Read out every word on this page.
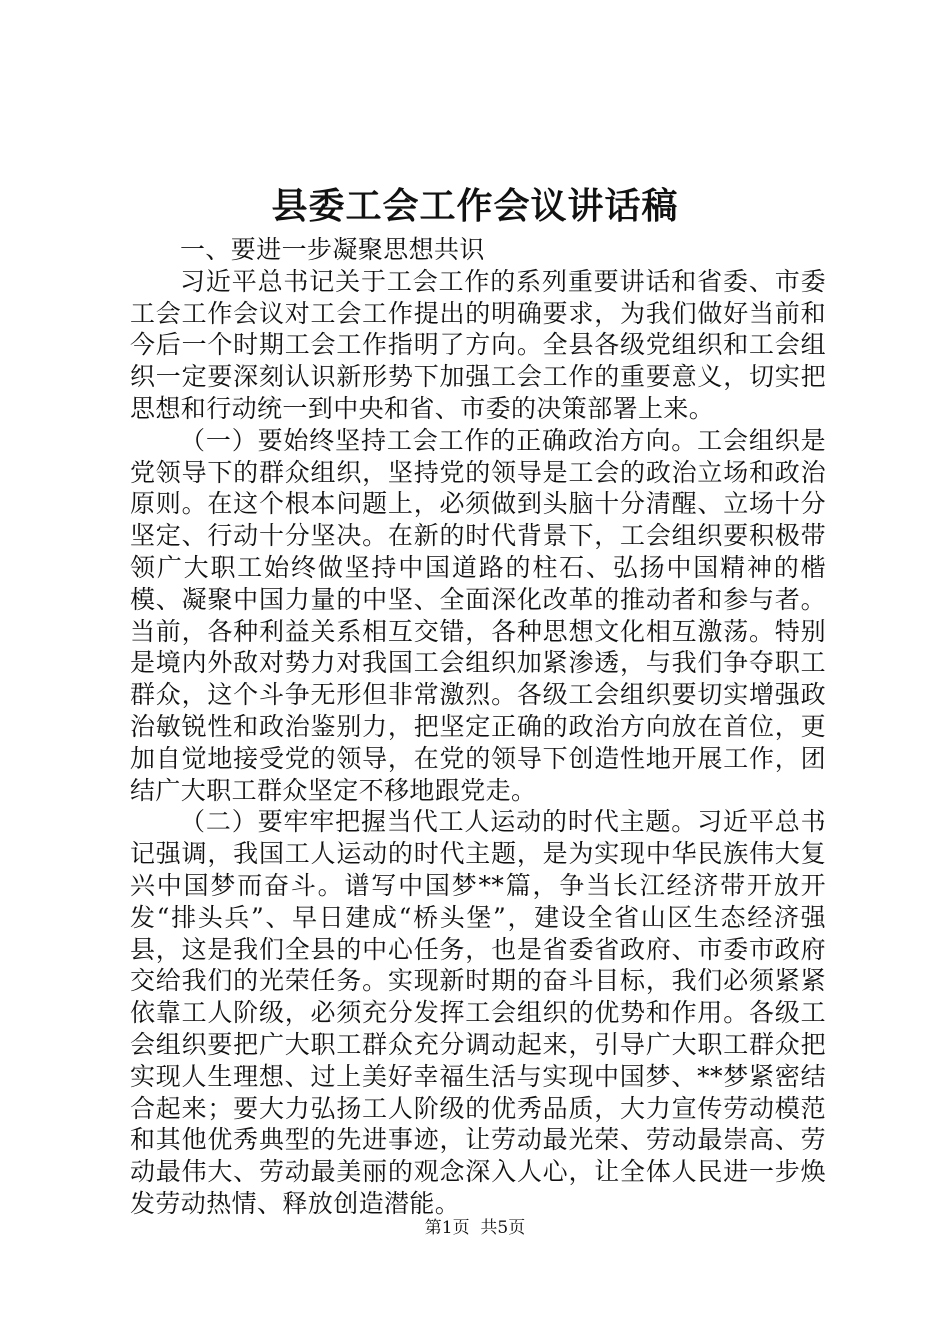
县委工会工作会议讲话稿

一、要进一步凝聚思想共识

习近平总书记关于工会工作的系列重要讲话和省委、市委工会工作会议对工会工作提出的明确要求，为我们做好当前和今后一个时期工会工作指明了方向。全县各级党组织和工会组织一定要深刻认识新形势下加强工会工作的重要意义，切实把思想和行动统一到中央和省、市委的决策部署上来。

（一）要始终坚持工会工作的正确政治方向。工会组织是党领导下的群众组织，坚持党的领导是工会的政治立场和政治原则。在这个根本问题上，必须做到头脑十分清醒、立场十分坚定、行动十分坚决。在新的时代背景下，工会组织要积极带领广大职工始终做坚持中国道路的柱石、弘扬中国精神的楷模、凝聚中国力量的中坚、全面深化改革的推动者和参与者。当前，各种利益关系相互交错，各种思想文化相互激荡。特别是境内外敌对势力对我国工会组织加紧渗透，与我们争夺职工群众，这个斗争无形但非常激烈。各级工会组织要切实增强政治敏锐性和政治鉴别力，把坚定正确的政治方向放在首位，更加自觉地接受党的领导，在党的领导下创造性地开展工作，团结广大职工群众坚定不移地跟党走。

（二）要牢牢把握当代工人运动的时代主题。习近平总书记强调，我国工人运动的时代主题，是为实现中华民族伟大复兴中国梦而奋斗。谱写中国梦**篇，争当长江经济带开放开发“排头兵”、早日建成“桥头堡”，建设全省山区生态经济强县，这是我们全县的中心任务，也是省委省政府、市委市政府交给我们的光荣任务。实现新时期的奋斗目标，我们必须紧紧依靠工人阶级，必须充分发挥工会组织的优势和作用。各级工会组织要把广大职工群众充分调动起来，引导广大职工群众把实现人生理想、过上美好幸福生活与实现中国梦、**梦紧密结合起来；要大力弘扬工人阶级的优秀品质，大力宣传劳动模范和其他优秀典型的先进事迹，让劳动最光荣、劳动最崇高、劳动最伟大、劳动最美丽的观念深入人心，让全体人民进一步焕发劳动热情、释放创造潜能。

第1页 共5页
